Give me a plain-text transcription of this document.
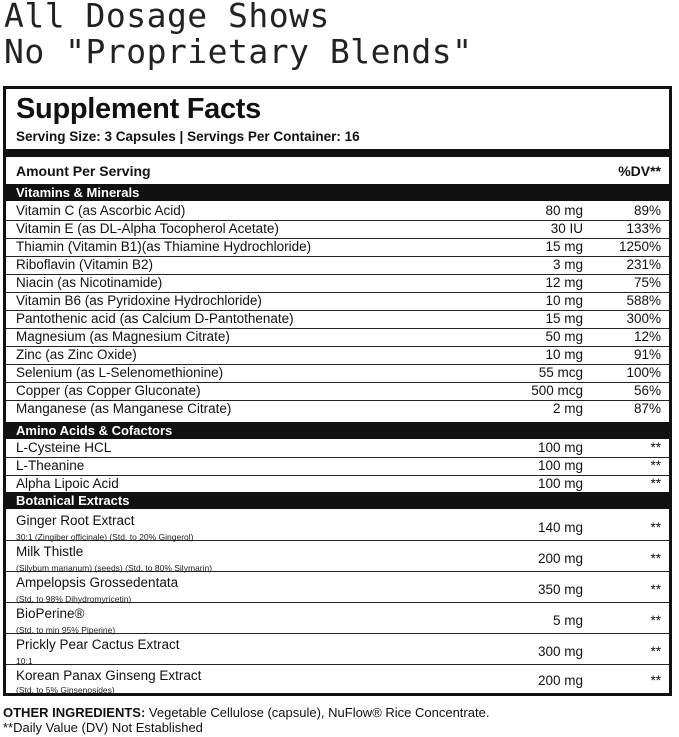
All Dosage Shows
No "Proprietary Blends"
Supplement Facts
Serving Size: 3 Capsules | Servings Per Container: 16
Amount Per Serving	%DV**
Vitamins & Minerals
Vitamin C (as Ascorbic Acid)	80 mg	89%
Vitamin E (as DL-Alpha Tocopherol Acetate)	30 IU	133%
Thiamin (Vitamin B1)(as Thiamine Hydrochloride)	15 mg	1250%
Riboflavin (Vitamin B2)	3 mg	231%
Niacin (as Nicotinamide)	12 mg	75%
Vitamin B6 (as Pyridoxine Hydrochloride)	10 mg	588%
Pantothenic acid (as Calcium D-Pantothenate)	15 mg	300%
Magnesium (as Magnesium Citrate)	50 mg	12%
Zinc (as Zinc Oxide)	10 mg	91%
Selenium (as L-Selenomethionine)	55 mcg	100%
Copper (as Copper Gluconate)	500 mcg	56%
Manganese (as Manganese Citrate)	2 mg	87%
Amino Acids & Cofactors
L-Cysteine HCL	100 mg	**
L-Theanine	100 mg	**
Alpha Lipoic Acid	100 mg	**
Botanical Extracts
Ginger Root Extract
30:1 (Zingiber officinale) (Std. to 20% Gingerol)
140 mg	**
Milk Thistle
(Silybum marianum) (seeds) (Std. to 80% Silymarin)
200 mg	**
Ampelopsis Grossedentata
(Std. to 98% Dihydromyricetin)
350 mg	**
BioPerine®
(Std. to min 95% Piperine)
5 mg	**
Prickly Pear Cactus Extract
10:1
300 mg	**
Korean Panax Ginseng Extract
(Std. to 5% Ginsenosides)
200 mg	**
OTHER INGREDIENTS: Vegetable Cellulose (capsule), NuFlow® Rice Concentrate.
**Daily Value (DV) Not Established
